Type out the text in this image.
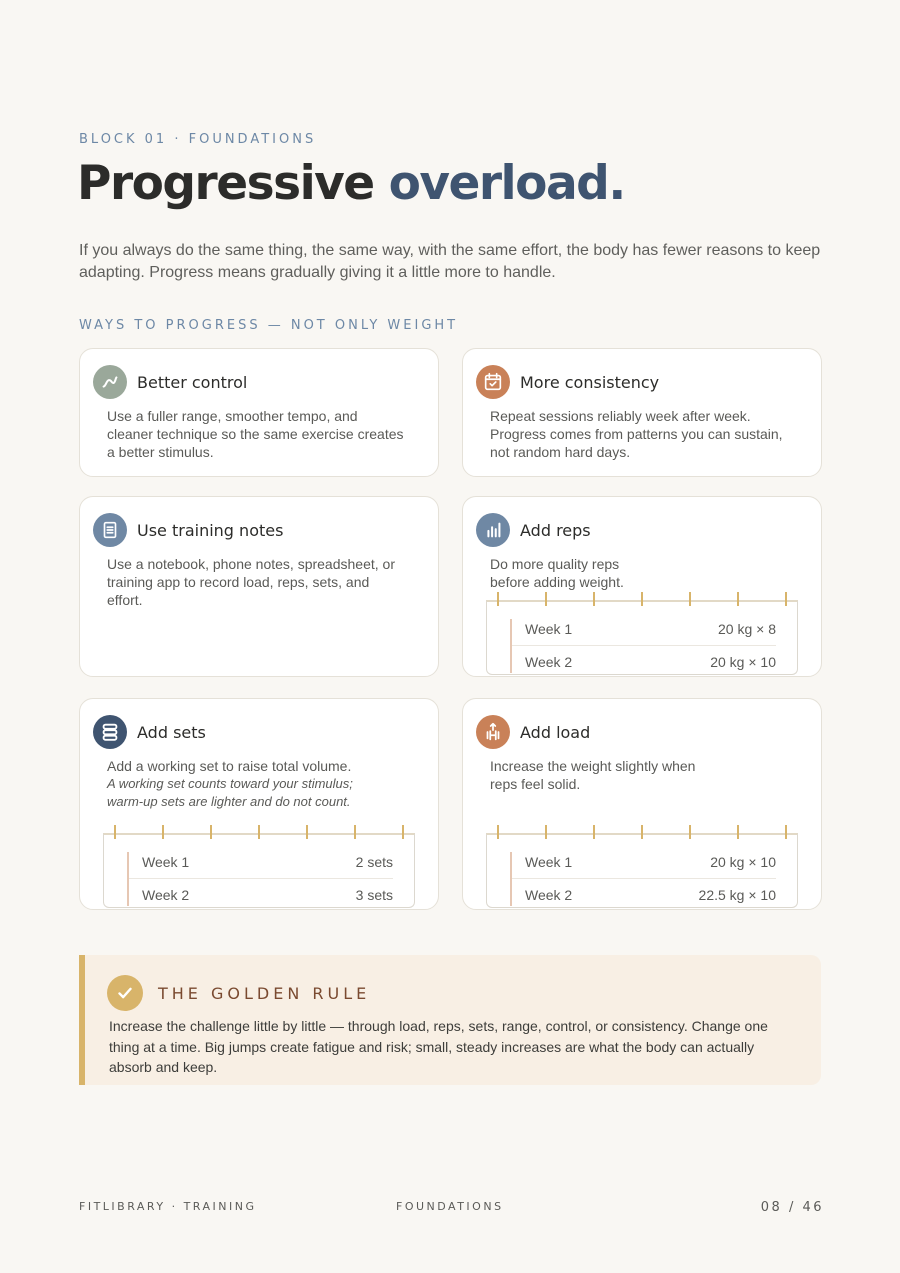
BLOCK 01 · FOUNDATIONS
Progressive overload.

If you always do the same thing, the same way, with the same effort, the body has fewer reasons to keep adapting. Progress means gradually giving it a little more to handle.

WAYS TO PROGRESS — NOT ONLY WEIGHT
Better control

Use a fuller range, smoother tempo, and cleaner technique so the same exercise creates a better stimulus.

More consistency

Repeat sessions reliably week after week. Progress comes from patterns you can sustain, not random hard days.

Use training notes

Use a notebook, phone notes, spreadsheet, or training app to record load, reps, sets, and effort.

Add reps

Do more quality reps before adding weight.

Week 1	20 kg × 8
Week 2	20 kg × 10
Add sets

Add a working set to raise total volume.

A working set counts toward your stimulus; warm-up sets are lighter and do not count.

Week 1	2 sets
Week 2	3 sets
Add load

Increase the weight slightly when reps feel solid.

Week 1	20 kg × 10
Week 2	22.5 kg × 10
THE GOLDEN RULE

Increase the challenge little by little — through load, reps, sets, range, control, or consistency. Change one thing at a time. Big jumps create fatigue and risk; small, steady increases are what the body can actually absorb and keep.

FITLIBRARY · TRAINING	FOUNDATIONS	08 / 46
